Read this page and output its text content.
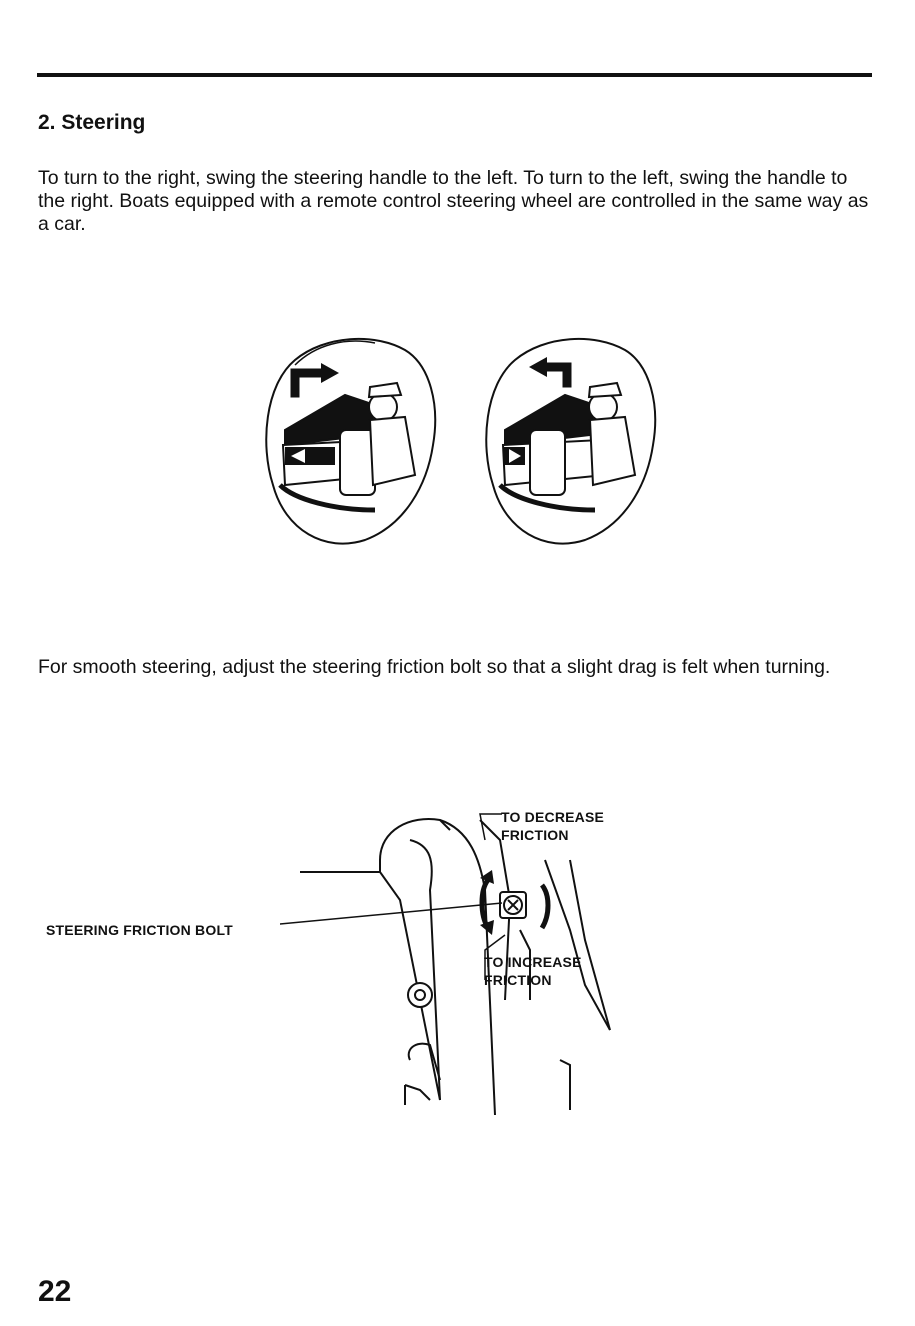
2. Steering

To turn to the right, swing the steering handle to the left. To turn to the left, swing the handle to the right. Boats equipped with a remote control steering wheel are controlled in the same way as a car.

For smooth steering, adjust the steering friction bolt so that a slight drag is felt when turning.

STEERING FRICTION BOLT

TO DECREASE
FRICTION
TO INCREASE
FRICTION

22
